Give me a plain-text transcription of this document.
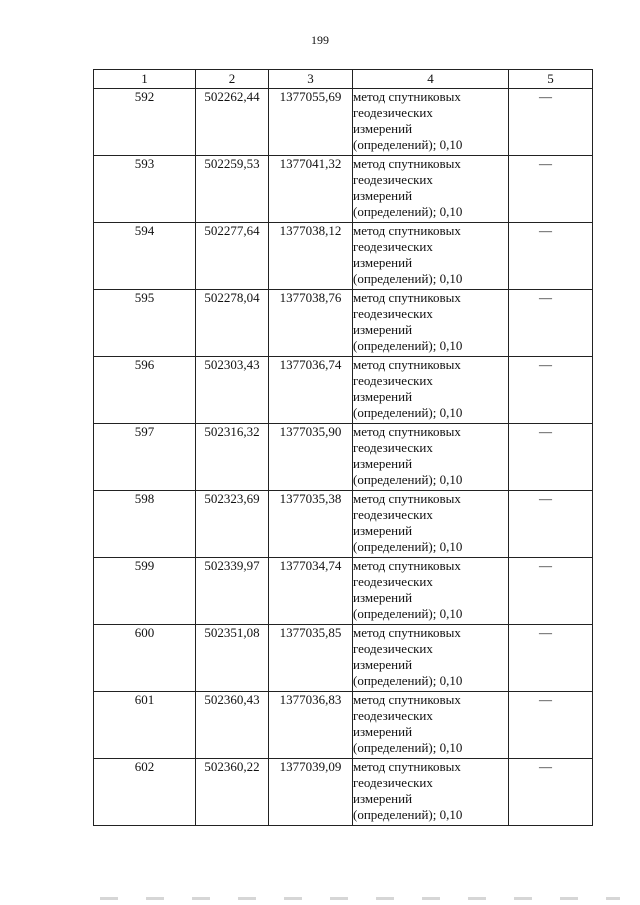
199
1	2	3	4	5
592	502262,44	1377055,69	метод спутниковых
геодезических
измерений
(определений); 0,10	—

593	502259,53	1377041,32	метод спутниковых
геодезических
измерений
(определений); 0,10	—

594	502277,64	1377038,12	метод спутниковых
геодезических
измерений
(определений); 0,10	—

595	502278,04	1377038,76	метод спутниковых
геодезических
измерений
(определений); 0,10	—

596	502303,43	1377036,74	метод спутниковых
геодезических
измерений
(определений); 0,10	—

597	502316,32	1377035,90	метод спутниковых
геодезических
измерений
(определений); 0,10	—

598	502323,69	1377035,38	метод спутниковых
геодезических
измерений
(определений); 0,10	—

599	502339,97	1377034,74	метод спутниковых
геодезических
измерений
(определений); 0,10	—

600	502351,08	1377035,85	метод спутниковых
геодезических
измерений
(определений); 0,10	—

601	502360,43	1377036,83	метод спутниковых
геодезических
измерений
(определений); 0,10	—

602	502360,22	1377039,09	метод спутниковых
геодезических
измерений
(определений); 0,10	—
